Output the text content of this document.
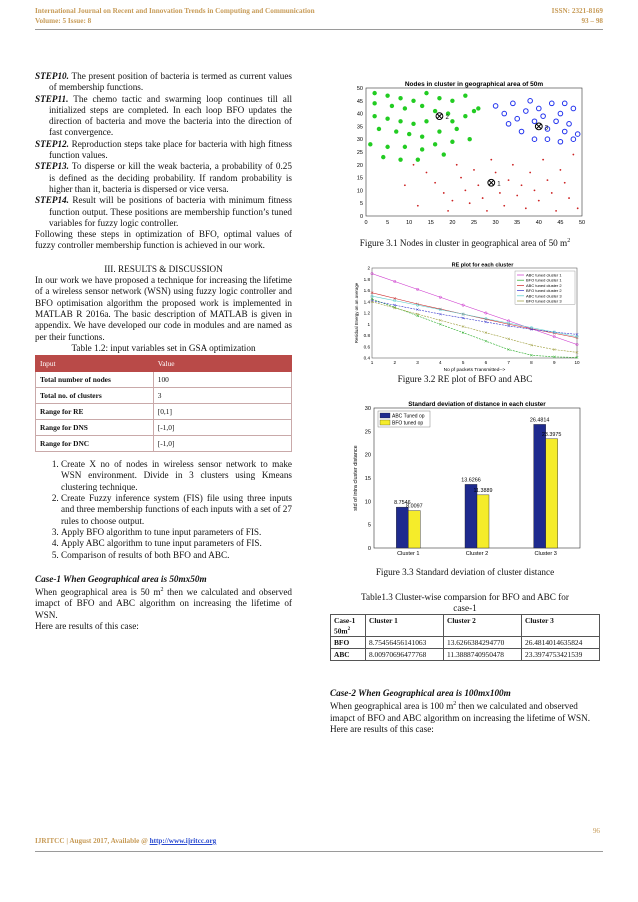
International Journal on Recent and Innovation Trends in Computing and Communication	ISSN: 2321-8169
Volume: 5 Issue: 8	93 – 98

STEP10. The present position of bacteria is termed as current values of membership functions.

STEP11. The chemo tactic and swarming loop continues till all initialized steps are completed. In each loop BFO updates the direction of bacteria and move the bacteria into the direction of fast convergence.

STEP12. Reproduction steps take place for bacteria with high fitness function values.

STEP13. To disperse or kill the weak bacteria, a probability of 0.25 is defined as the deciding probability. If random probability is higher than it, bacteria is dispersed or vice versa.

STEP14. Result will be positions of bacteria with minimum fitness function output. These positions are membership function’s tuned variables for fuzzy logic controller.

Following these steps in optimization of BFO, optimal values of fuzzy controller membership function is achieved in our work.

III. RESULTS & DISCUSSION

In our work we have proposed a technique for increasing the lifetime of a wireless sensor network (WSN) using fuzzy logic controller and BFO optimisation algorithm the proposed work is implemented in MATLAB R 2016a. The basic description of MATLAB is given in appendix. We have developed our code in modules and are named as per their functions.

Table 1.2: input variables set in GSA optimization
Input	Value
Total number of nodes	100
Total no. of clusters	3
Range for RE	[0,1]
Range for DNS	[-1,0]
Range for DNC	[-1,0]
1. Create X no of nodes in wireless sensor network to make WSN environment. Divide in 3 clusters using Kmeans clustering technique.
2. Create Fuzzy inference system (FIS) file using three inputs and three membership functions of each inputs with a set of 27 rules to choose output.
3. Apply BFO algorithm to tune input parameters of FIS.
4. Apply ABC algorithm to tune input parameters of FIS.
5. Comparison of results of both BFO and ABC.
Case-1 When Geographical area is 50mx50m

When geographical area is 50 $m^2$ then we calculated and observed imapct of BFO and ABC algorithm on increasing the lifetime of WSN.

Here are results of this case:

Nodes in cluster in geographical area of 50m
0	5	10	15	20	25	30	35	40	45	50
0
5
10
15
20
25
30
35
40
45
50
2
3
1
Figure 3.1 Nodes in cluster in geographical area of 50 $m^2$
RE plot for each cluster
No pf packets Transmitted-->
Residual Energy on an average
1	2	3	4	5	6	7	8	9	10
0.4
0.6
0.8
1
1.2
1.4
1.6
1.8
2
ABC tuned cluster 1
BFO tuned cluster 1
ABC tuned cluster 2
BFO tuned cluster 2
ABC tuned cluster 3
BFO tuned cluster 3
Figure 3.2 RE plot of BFO and ABC
Standard deviation of distance in each cluster
std of intra cluster distance
0
5
10
15
20
25
30
Cluster 1
8.7546
8.0097
Cluster 2
13.6266
11.3889
Cluster 3
26.4814
23.3975
ABC Tuned op
BFO tuned op
Figure 3.3 Standard deviation of cluster distance
Table1.3 Cluster-wise comparsion for BFO and ABC for case-1
Case-1
$50m^2$	Cluster 1	Cluster 2	Cluster 3
BFO	8.75456456141063	13.6266384294770	26.4814014635824
ABC	8.00970696477768	11.3888740950478	23.3974753421539
Case-2 When Geographical area is 100mx100m

When geographical area is 100 $m^2$ then we calculated and observed imapct of BFO and ABC algorithm on increasing the lifetime of WSN.

Here are results of this case:

96
IJRITCC | August 2017, Available @ http://www.ijritcc.org
